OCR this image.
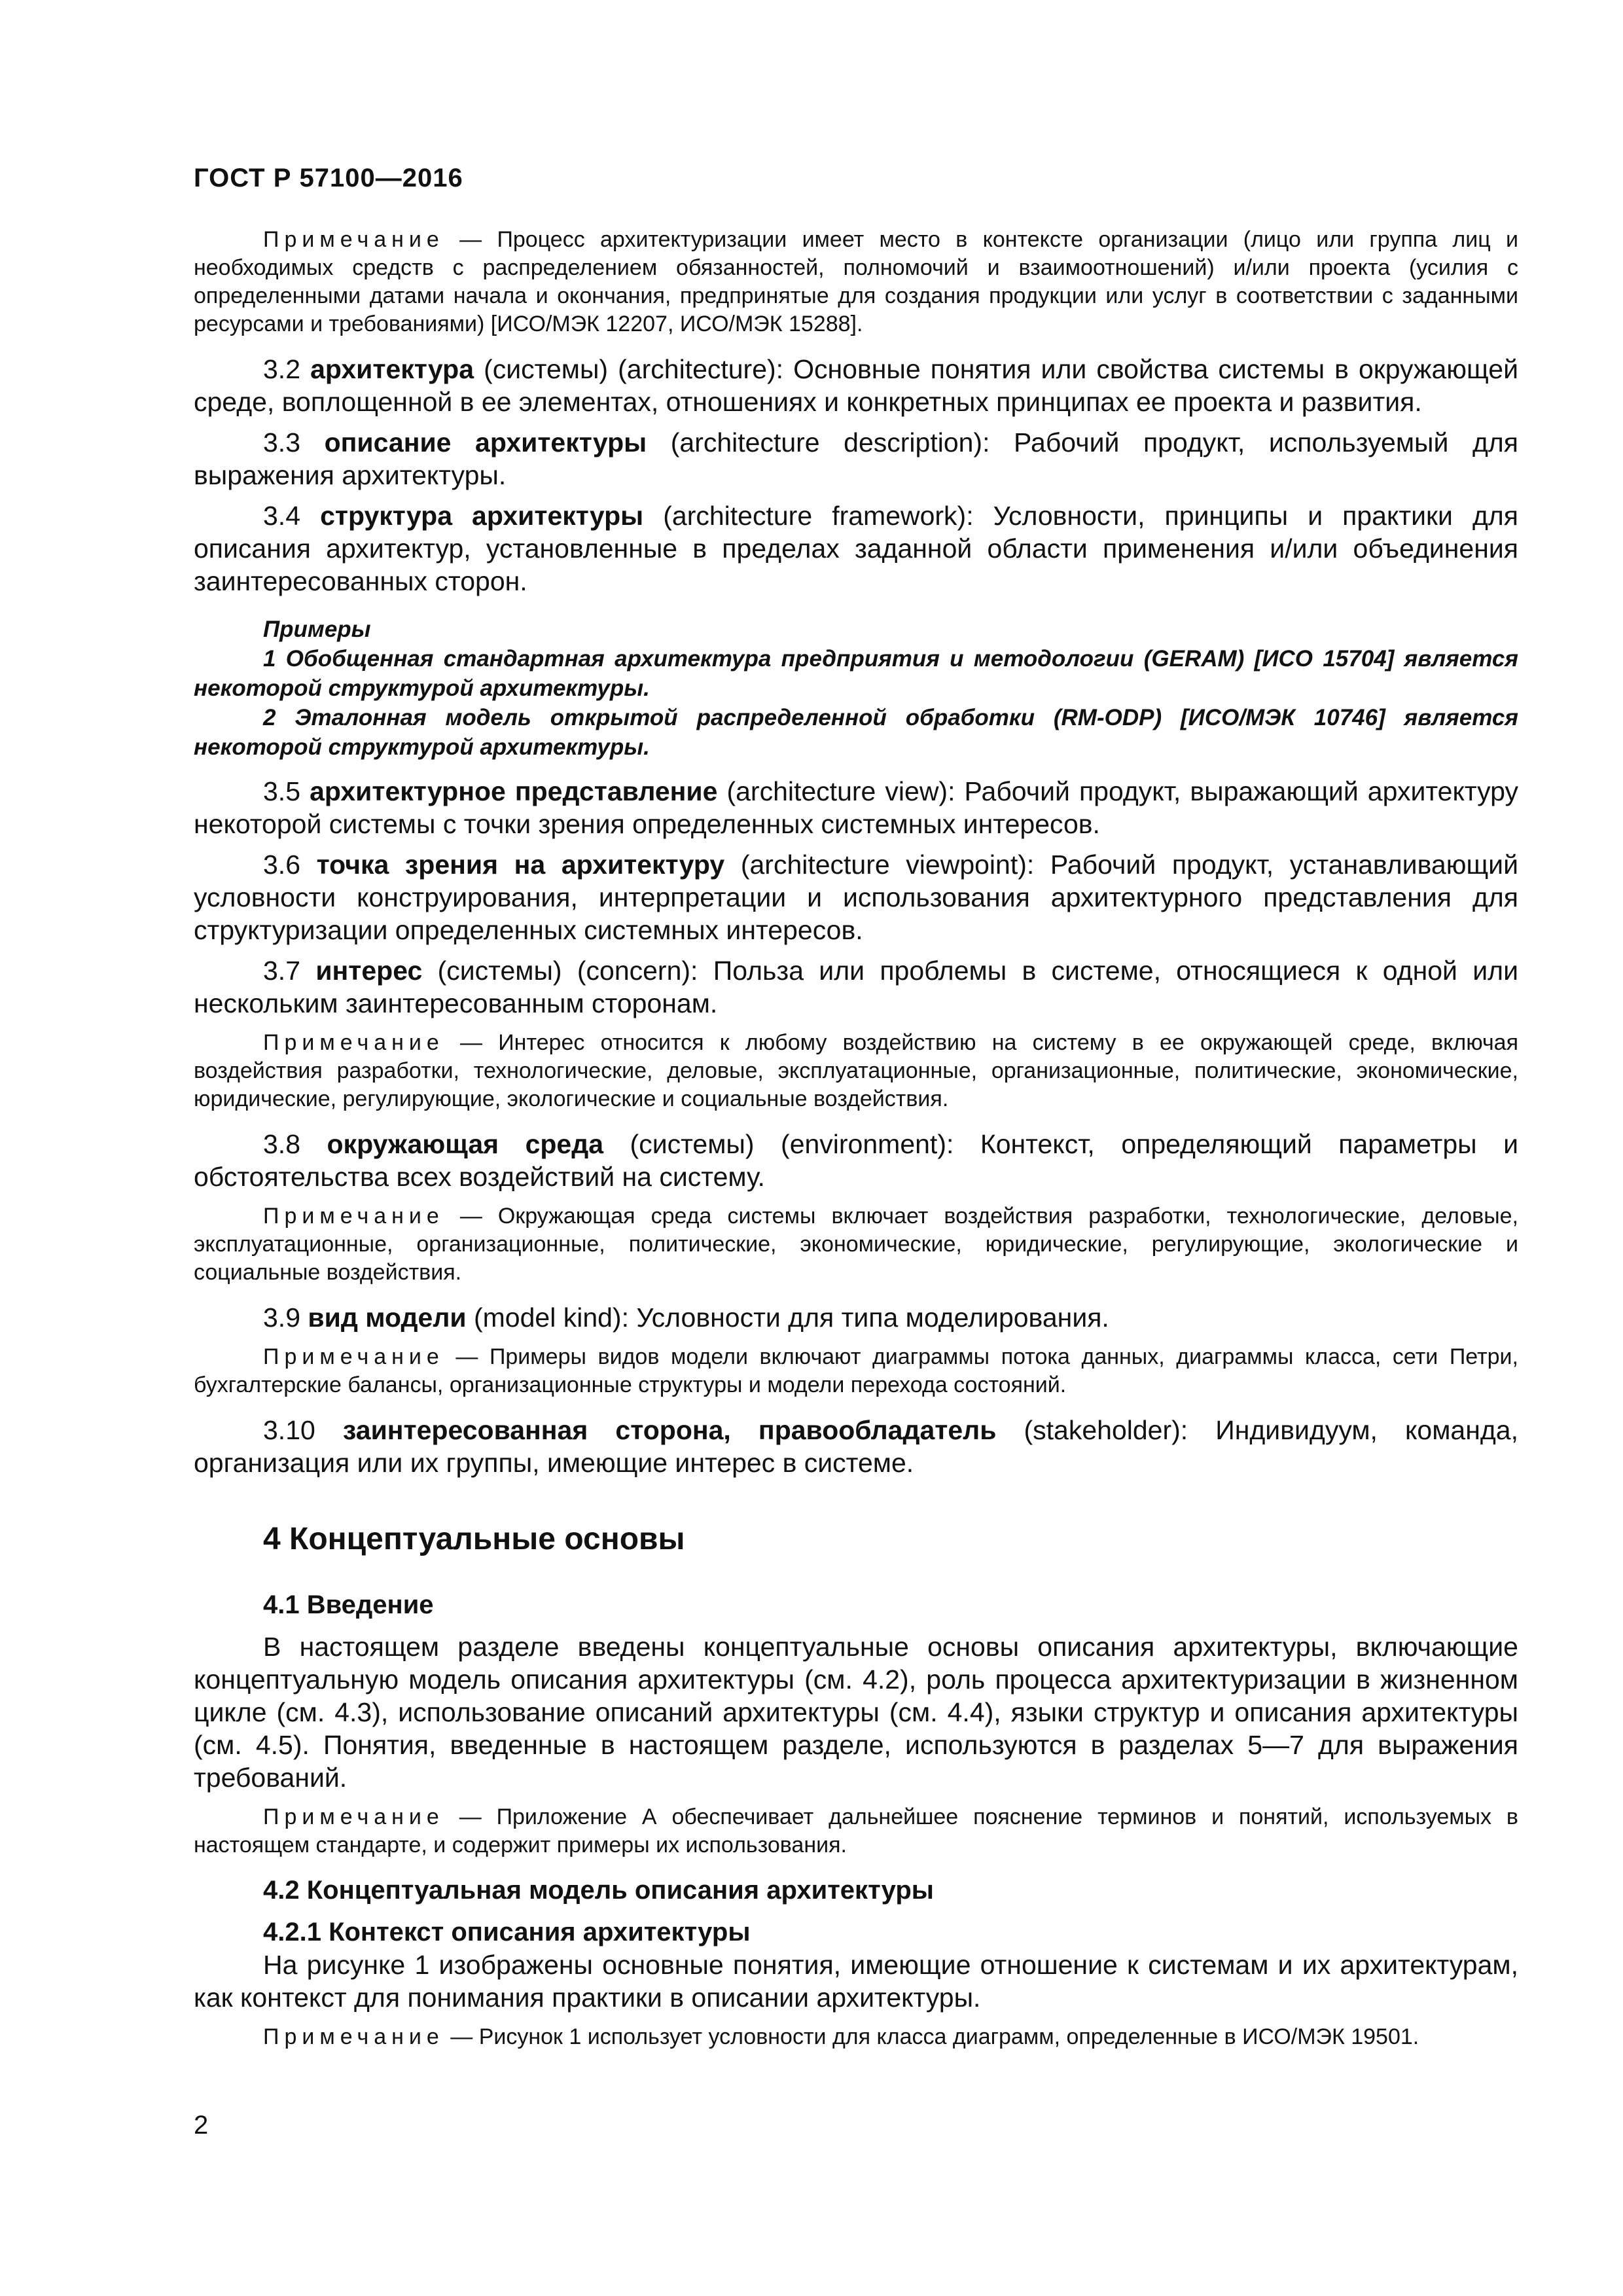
ГОСТ Р 57100—2016

Примечание — Процесс архитектуризации имеет место в контексте организации (лицо или группа лиц и необходимых средств с распределением обязанностей, полномочий и взаимоотношений) и/или проекта (усилия с определенными датами начала и окончания, предпринятые для создания продукции или услуг в соответствии с заданными ресурсами и требованиями) [ИСО/МЭК 12207, ИСО/МЭК 15288].

3.2 архитектура (системы) (architecture): Основные понятия или свойства системы в окружающей среде, воплощенной в ее элементах, отношениях и конкретных принципах ее проекта и развития.

3.3 описание архитектуры (architecture description): Рабочий продукт, используемый для выражения архитектуры.

3.4 структура архитектуры (architecture framework): Условности, принципы и практики для описания архитектур, установленные в пределах заданной области применения и/или объединения заинтересованных сторон.

Примеры

1 Обобщенная стандартная архитектура предприятия и методологии (GERAM) [ИСО 15704] является некоторой структурой архитектуры.

2 Эталонная модель открытой распределенной обработки (RM-ODP) [ИСО/МЭК 10746] является некоторой структурой архитектуры.

3.5 архитектурное представление (architecture view): Рабочий продукт, выражающий архитектуру некоторой системы с точки зрения определенных системных интересов.

3.6 точка зрения на архитектуру (architecture viewpoint): Рабочий продукт, устанавливающий условности конструирования, интерпретации и использования архитектурного представления для структуризации определенных системных интересов.

3.7 интерес (системы) (concern): Польза или проблемы в системе, относящиеся к одной или нескольким заинтересованным сторонам.

Примечание — Интерес относится к любому воздействию на систему в ее окружающей среде, включая воздействия разработки, технологические, деловые, эксплуатационные, организационные, политические, экономические, юридические, регулирующие, экологические и социальные воздействия.

3.8 окружающая среда (системы) (environment): Контекст, определяющий параметры и обстоятельства всех воздействий на систему.

Примечание — Окружающая среда системы включает воздействия разработки, технологические, деловые, эксплуатационные, организационные, политические, экономические, юридические, регулирующие, экологические и социальные воздействия.

3.9 вид модели (model kind): Условности для типа моделирования.

Примечание — Примеры видов модели включают диаграммы потока данных, диаграммы класса, сети Петри, бухгалтерские балансы, организационные структуры и модели перехода состояний.

3.10 заинтересованная сторона, правообладатель (stakeholder): Индивидуум, команда, организация или их группы, имеющие интерес в системе.

4 Концептуальные основы
4.1 Введение

В настоящем разделе введены концептуальные основы описания архитектуры, включающие концептуальную модель описания архитектуры (см. 4.2), роль процесса архитектуризации в жизненном цикле (см. 4.3), использование описаний архитектуры (см. 4.4), языки структур и описания архитектуры (см. 4.5). Понятия, введенные в настоящем разделе, используются в разделах 5—7 для выражения требований.

Примечание — Приложение А обеспечивает дальнейшее пояснение терминов и понятий, используемых в настоящем стандарте, и содержит примеры их использования.

4.2 Концептуальная модель описания архитектуры
4.2.1 Контекст описания архитектуры

На рисунке 1 изображены основные понятия, имеющие отношение к системам и их архитектурам, как контекст для понимания практики в описании архитектуры.

Примечание — Рисунок 1 использует условности для класса диаграмм, определенные в ИСО/МЭК 19501.

2
